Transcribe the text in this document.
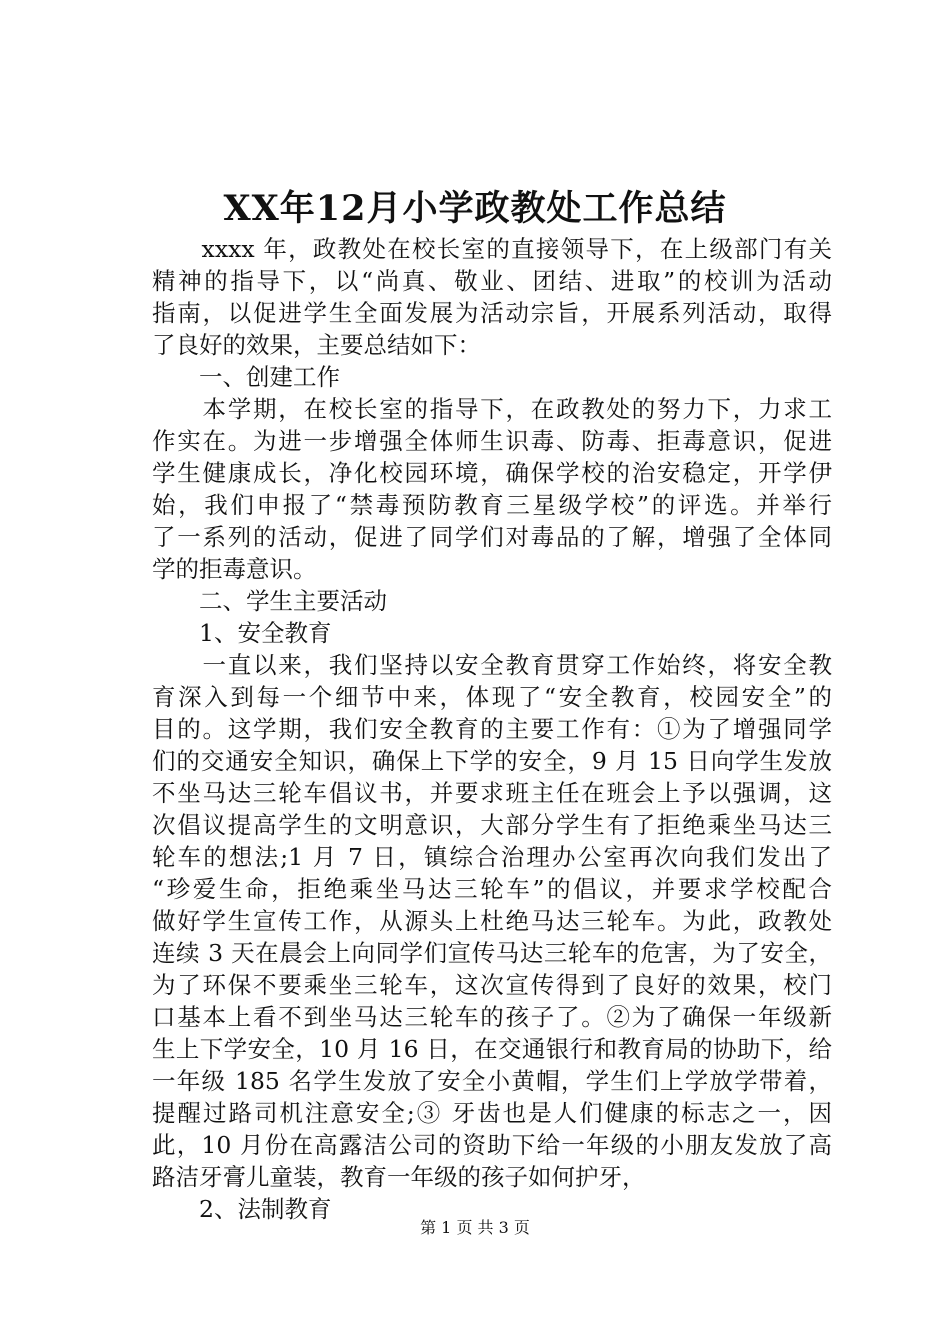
XX年12月小学政教处工作总结
　　xxxx 年，政教处在校长室的直接领导下，在上级部门有关
精神的指导下，以“尚真、敬业、团结、进取”的校训为活动
指南，以促进学生全面发展为活动宗旨，开展系列活动，取得
了良好的效果，主要总结如下：
　　一、创建工作
　　本学期，在校长室的指导下，在政教处的努力下，力求工
作实在。为进一步增强全体师生识毒、防毒、拒毒意识，促进
学生健康成长，净化校园环境，确保学校的治安稳定，开学伊
始，我们申报了“禁毒预防教育三星级学校”的评选。并举行
了一系列的活动，促进了同学们对毒品的了解，增强了全体同
学的拒毒意识。
　　二、学生主要活动
　　1、安全教育
　　一直以来，我们坚持以安全教育贯穿工作始终，将安全教
育深入到每一个细节中来，体现了“安全教育，校园安全”的
目的。这学期，我们安全教育的主要工作有：①为了增强同学
们的交通安全知识，确保上下学的安全，9 月 15 日向学生发放
不坐马达三轮车倡议书，并要求班主任在班会上予以强调，这
次倡议提高学生的文明意识，大部分学生有了拒绝乘坐马达三
轮车的想法;1 月 7 日，镇综合治理办公室再次向我们发出了
“珍爱生命，拒绝乘坐马达三轮车”的倡议，并要求学校配合
做好学生宣传工作，从源头上杜绝马达三轮车。为此，政教处
连续 3 天在晨会上向同学们宣传马达三轮车的危害，为了安全，
为了环保不要乘坐三轮车，这次宣传得到了良好的效果，校门
口基本上看不到坐马达三轮车的孩子了。②为了确保一年级新
生上下学安全，10 月 16 日，在交通银行和教育局的协助下，给
一年级 185 名学生发放了安全小黄帽，学生们上学放学带着，
提醒过路司机注意安全;③ 牙齿也是人们健康的标志之一，因
此，10 月份在高露洁公司的资助下给一年级的小朋友发放了高
路洁牙膏儿童装，教育一年级的孩子如何护牙，
　　2、法制教育
第 1 页 共 3 页
